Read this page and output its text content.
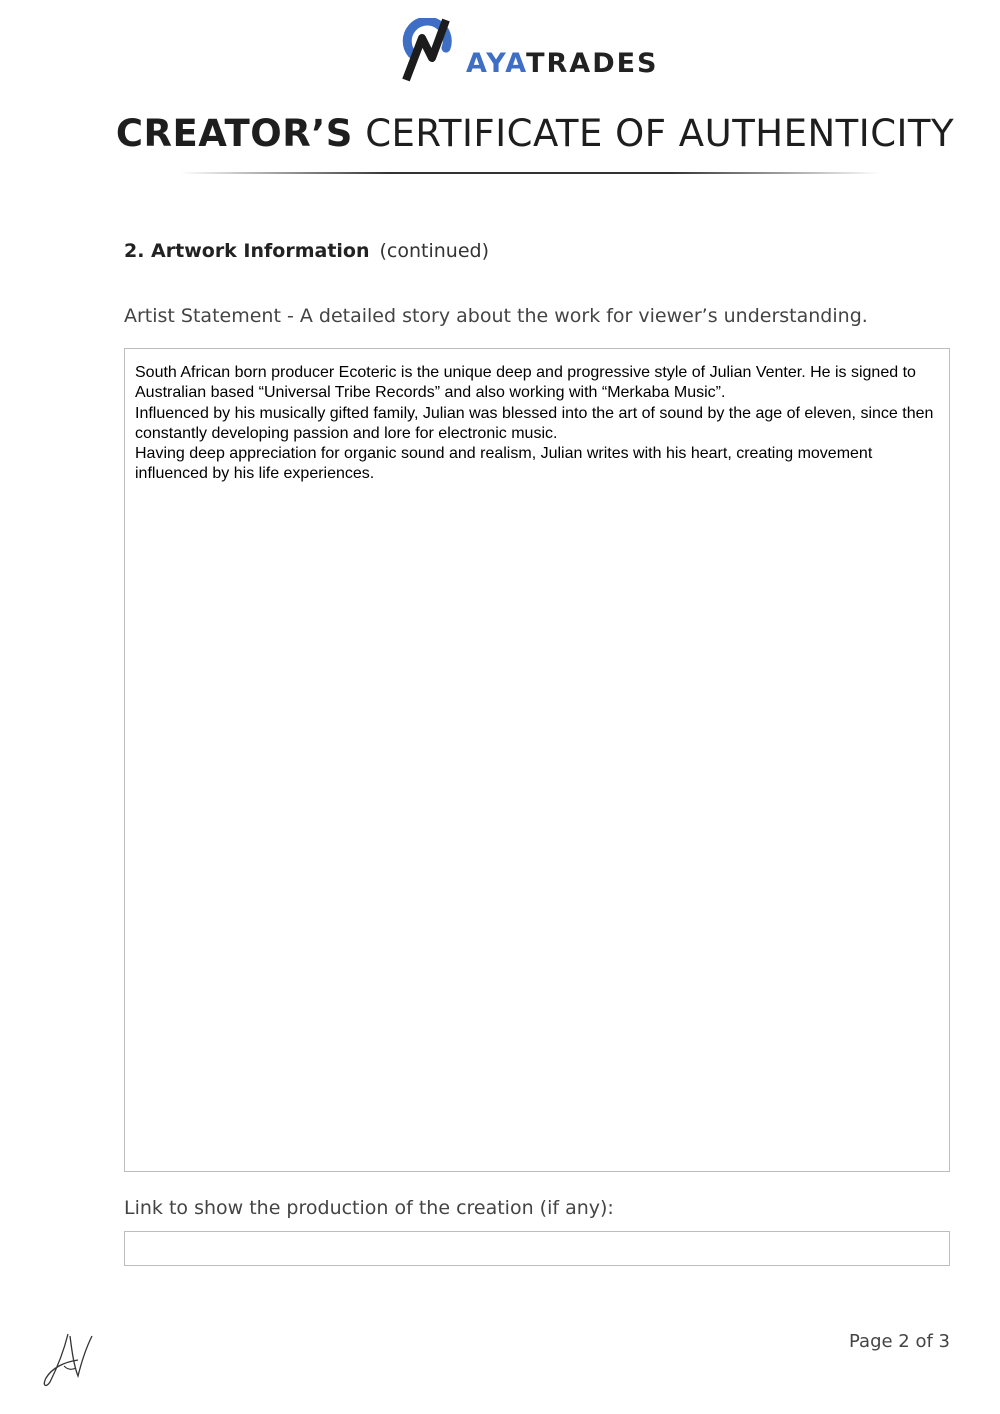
AYATRADES
CREATOR’S CERTIFICATE OF AUTHENTICITY
2. Artwork Information (continued)
Artist Statement - A detailed story about the work for viewer’s understanding.

South African born producer Ecoteric is the unique deep and progressive style of Julian Venter. He is signed to Australian based “Universal Tribe Records” and also working with “Merkaba Music”.

Influenced by his musically gifted family, Julian was blessed into the art of sound by the age of eleven, since then constantly developing passion and lore for electronic music.

Having deep appreciation for organic sound and realism, Julian writes with his heart, creating movement influenced by his life experiences.

Link to show the production of the creation (if any):
Page 2 of 3
